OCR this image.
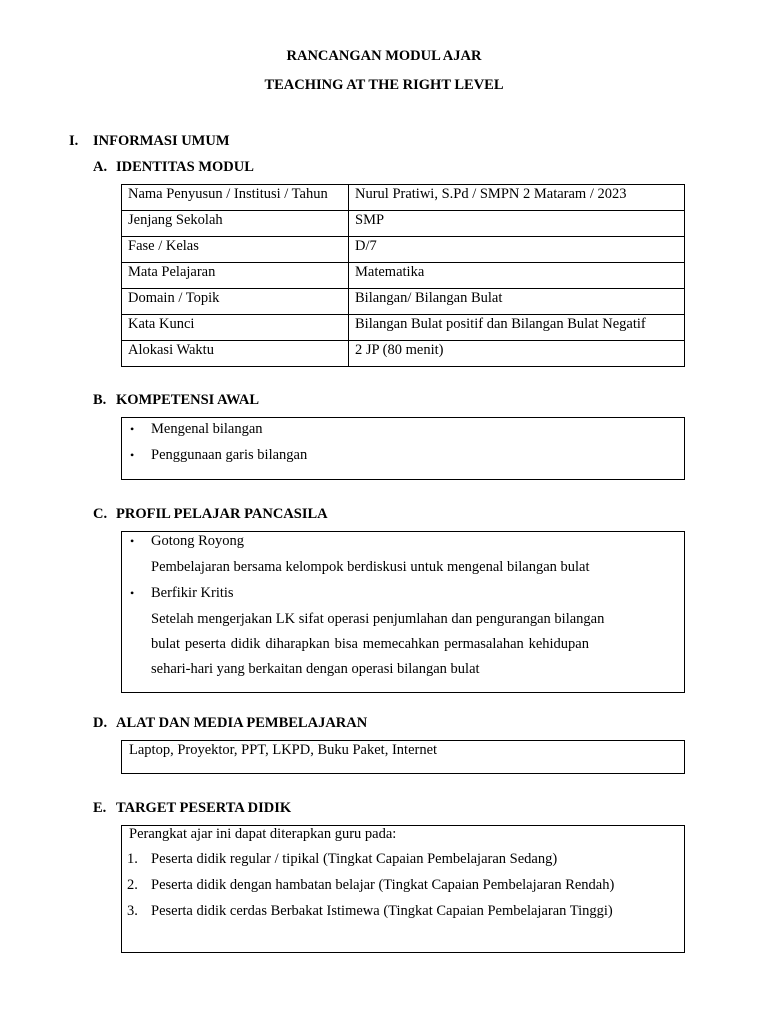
RANCANGAN MODUL AJAR
TEACHING AT THE RIGHT LEVEL
I. INFORMASI UMUM
A. IDENTITAS MODUL
Nama Penyusun / Institusi / Tahun	Nurul Pratiwi, S.Pd / SMPN 2 Mataram / 2023
Jenjang Sekolah	SMP
Fase / Kelas	D/7
Mata Pelajaran	Matematika
Domain / Topik	Bilangan/ Bilangan Bulat
Kata Kunci	Bilangan Bulat positif dan Bilangan Bulat Negatif
Alokasi Waktu	2 JP (80 menit)
B. KOMPETENSI AWAL
• Mengenal bilangan
• Penggunaan garis bilangan
C. PROFIL PELAJAR PANCASILA
• Gotong Royong
Pembelajaran bersama kelompok berdiskusi untuk mengenal bilangan bulat
• Berfikir Kritis
Setelah mengerjakan LK sifat operasi penjumlahan dan pengurangan bilangan
bulat peserta didik diharapkan bisa memecahkan permasalahan kehidupan
sehari-hari yang berkaitan dengan operasi bilangan bulat
D. ALAT DAN MEDIA PEMBELAJARAN
Laptop, Proyektor, PPT, LKPD, Buku Paket, Internet
E. TARGET PESERTA DIDIK
Perangkat ajar ini dapat diterapkan guru pada:
1. Peserta didik regular / tipikal (Tingkat Capaian Pembelajaran Sedang)
2. Peserta didik dengan hambatan belajar (Tingkat Capaian Pembelajaran Rendah)
3. Peserta didik cerdas Berbakat Istimewa (Tingkat Capaian Pembelajaran Tinggi)
